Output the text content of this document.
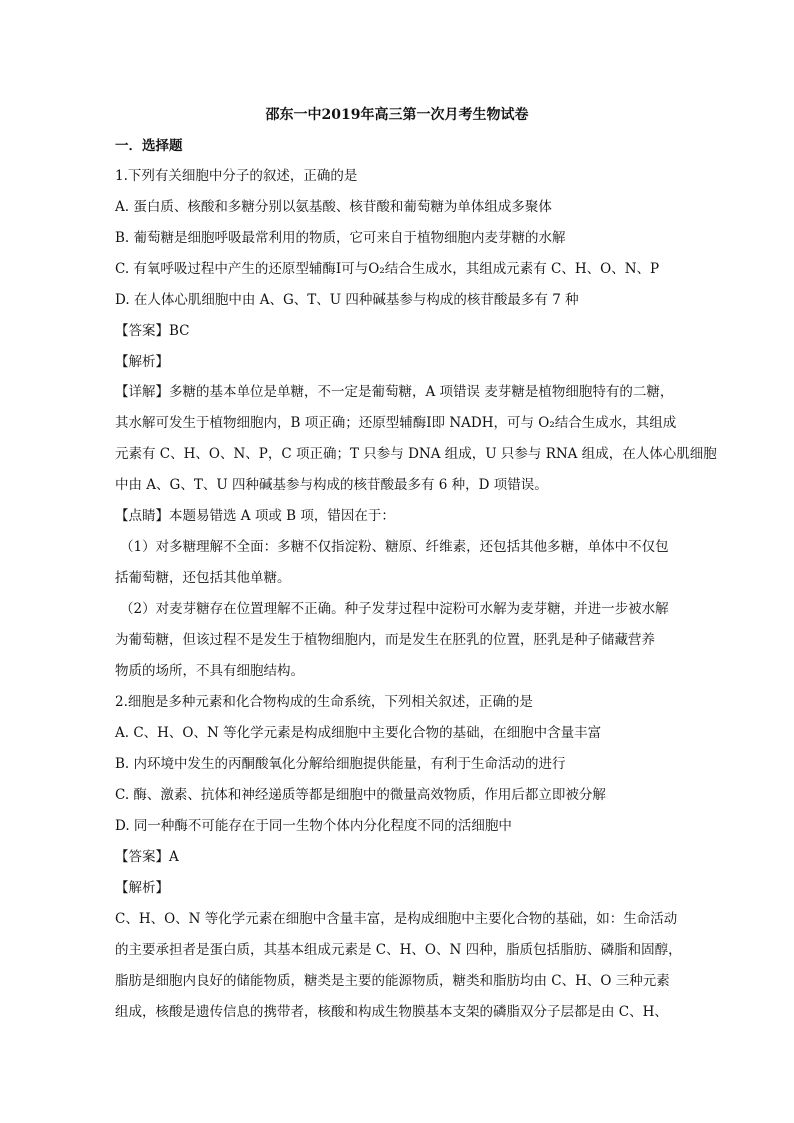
邵东一中2019年高三第一次月考生物试卷
一．选择题
1.下列有关细胞中分子的叙述，正确的是
A. 蛋白质、核酸和多糖分别以氨基酸、核苷酸和葡萄糖为单体组成多聚体
B. 葡萄糖是细胞呼吸最常利用的物质，它可来自于植物细胞内麦芽糖的水解
C. 有氧呼吸过程中产生的还原型辅酶Ⅰ可与O₂结合生成水，其组成元素有 C、H、O、N、P
D. 在人体心肌细胞中由 A、G、T、U 四种碱基参与构成的核苷酸最多有 7 种
【答案】BC
【解析】
【详解】多糖的基本单位是单糖，不一定是葡萄糖，A 项错误 麦芽糖是植物细胞特有的二糖，
其水解可发生于植物细胞内，B 项正确；还原型辅酶Ⅰ即 NADH，可与 O₂结合生成水，其组成
元素有 C、H、O、N、P，C 项正确；T 只参与 DNA 组成，U 只参与 RNA 组成，在人体心肌细胞
中由 A、G、T、U 四种碱基参与构成的核苷酸最多有 6 种，D 项错误。
【点睛】本题易错选 A 项或 B 项，错因在于：
（1）对多糖理解不全面：多糖不仅指淀粉、糖原、纤维素，还包括其他多糖，单体中不仅包
括葡萄糖，还包括其他单糖。
（2）对麦芽糖存在位置理解不正确。种子发芽过程中淀粉可水解为麦芽糖，并进一步被水解
为葡萄糖，但该过程不是发生于植物细胞内，而是发生在胚乳的位置，胚乳是种子储藏营养
物质的场所，不具有细胞结构。
2.细胞是多种元素和化合物构成的生命系统，下列相关叙述，正确的是
A. C、H、O、N 等化学元素是构成细胞中主要化合物的基础，在细胞中含量丰富
B. 内环境中发生的丙酮酸氧化分解给细胞提供能量，有利于生命活动的进行
C. 酶、激素、抗体和神经递质等都是细胞中的微量高效物质，作用后都立即被分解
D. 同一种酶不可能存在于同一生物个体内分化程度不同的活细胞中
【答案】A
【解析】
C、H、O、N 等化学元素在细胞中含量丰富，是构成细胞中主要化合物的基础，如：生命活动
的主要承担者是蛋白质，其基本组成元素是 C、H、O、N 四种，脂质包括脂肪、磷脂和固醇，
脂肪是细胞内良好的储能物质，糖类是主要的能源物质，糖类和脂肪均由 C、H、O 三种元素
组成，核酸是遗传信息的携带者，核酸和构成生物膜基本支架的磷脂双分子层都是由 C、H、
